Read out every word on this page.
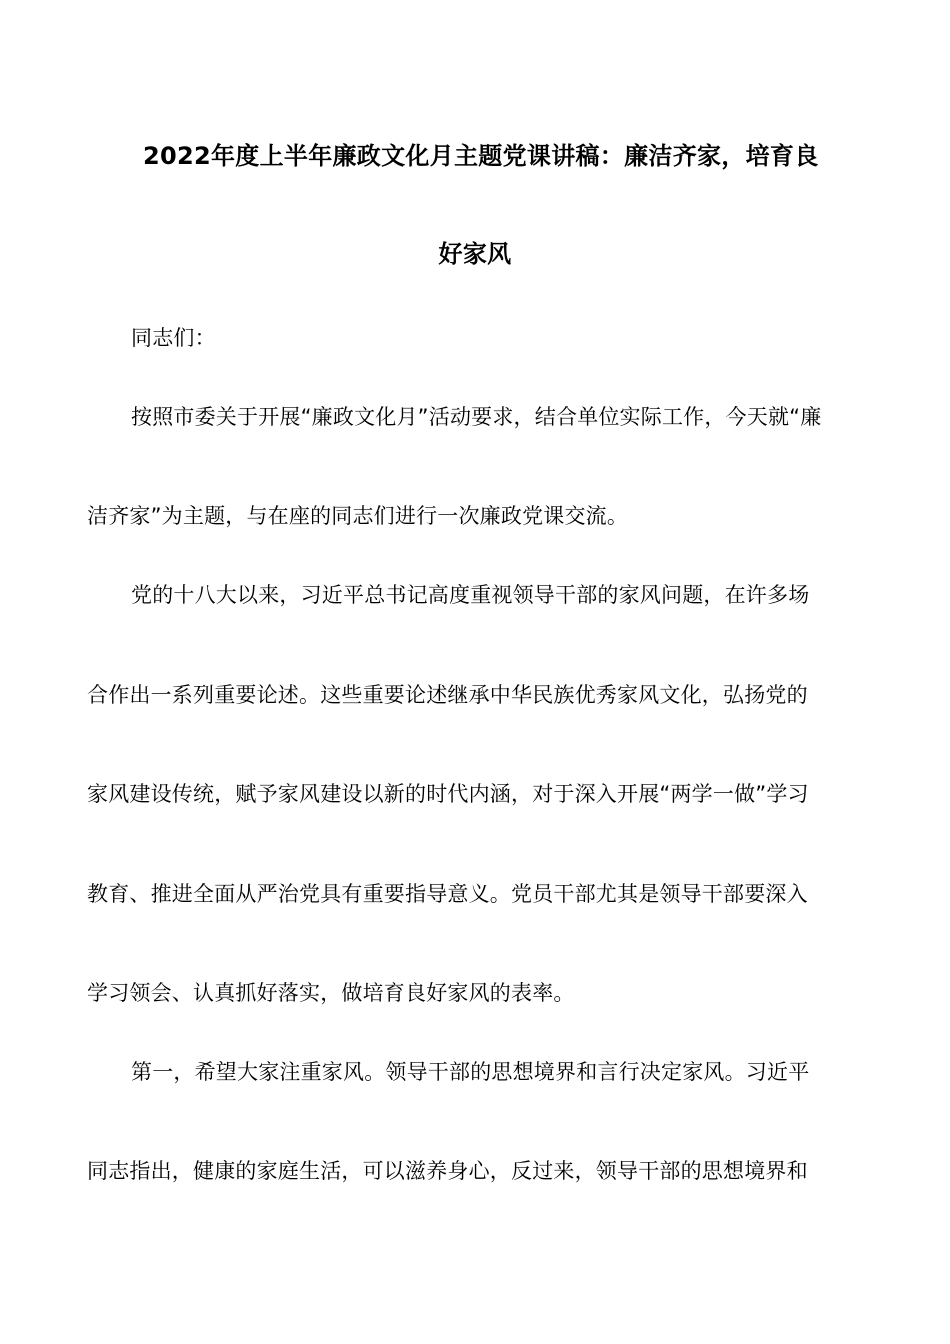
2022年度上半年廉政文化月主题党课讲稿：廉洁齐家，培育良
好家风
同志们：
按照市委关于开展“廉政文化月”活动要求，结合单位实际工作，今天就“廉
洁齐家”为主题，与在座的同志们进行一次廉政党课交流。
党的十八大以来，习近平总书记高度重视领导干部的家风问题，在许多场
合作出一系列重要论述。这些重要论述继承中华民族优秀家风文化，弘扬党的
家风建设传统，赋予家风建设以新的时代内涵，对于深入开展“两学一做”学习
教育、推进全面从严治党具有重要指导意义。党员干部尤其是领导干部要深入
学习领会、认真抓好落实，做培育良好家风的表率。
第一，希望大家注重家风。领导干部的思想境界和言行决定家风。习近平
同志指出，健康的家庭生活，可以滋养身心，反过来，领导干部的思想境界和
